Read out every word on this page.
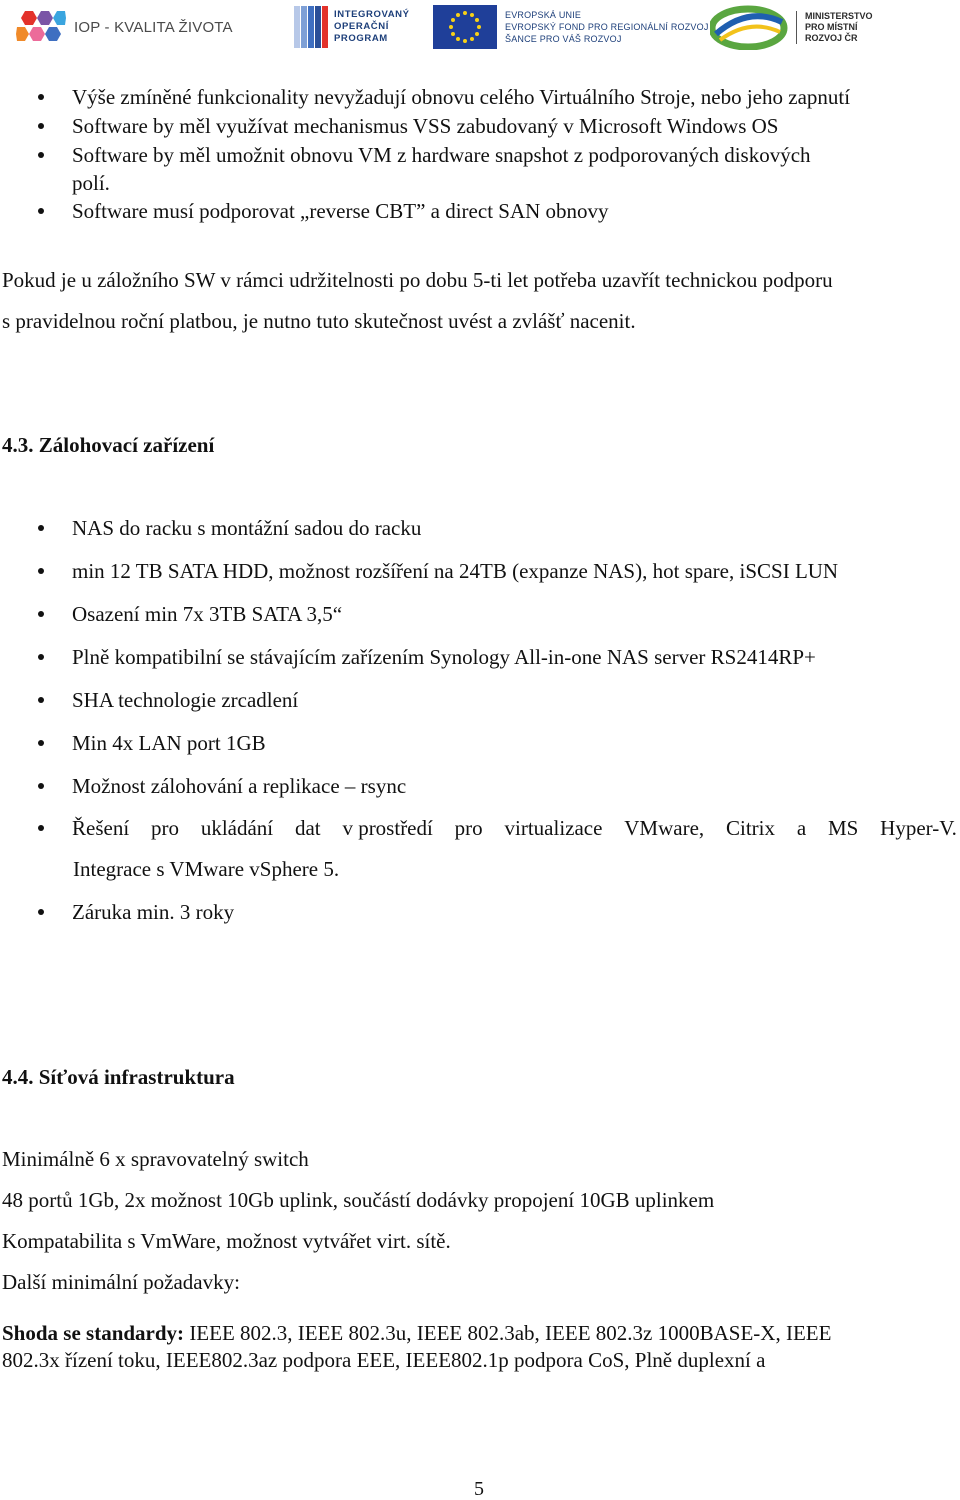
IOP - KVALITA ŽIVOTA
INTEGROVANÝ
OPERAČNÍ
PROGRAM
EVROPSKÁ UNIE
EVROPSKÝ FOND PRO REGIONÁLNÍ ROZVOJ
ŠANCE PRO VÁŠ ROZVOJ
MINISTERSTVO
PRO MÍSTNÍ
ROZVOJ ČR
Výše zmíněné funkcionality nevyžadují obnovu celého Virtuálního Stroje, nebo jeho zapnutí
Software by měl využívat mechanismus VSS zabudovaný v Microsoft Windows OS
Software by měl umožnit obnovu VM z hardware snapshot z podporovaných diskových
polí.
Software musí podporovat „reverse CBT” a direct SAN obnovy
Pokud je u záložního SW v rámci udržitelnosti po dobu 5-ti let potřeba uzavřít technickou podporu
s pravidelnou roční platbou, je nutno tuto skutečnost uvést a zvlášť nacenit.
4.3. Zálohovací zařízení
NAS do racku s montážní sadou do racku
min 12 TB SATA HDD, možnost rozšíření na 24TB (expanze NAS), hot spare, iSCSI LUN
Osazení min 7x 3TB SATA 3,5“
Plně kompatibilní se stávajícím zařízením Synology All-in-one NAS server RS2414RP+
SHA technologie zrcadlení
Min 4x LAN port 1GB
Možnost zálohování a replikace – rsync
Řešení pro ukládání dat v prostředí pro virtualizace VMware, Citrix a MS Hyper-V.
Integrace s VMware vSphere 5.
Záruka min. 3 roky
4.4. Síťová infrastruktura
Minimálně 6 x spravovatelný switch
48 portů 1Gb, 2x možnost 10Gb uplink, součástí dodávky propojení 10GB uplinkem
Kompatabilita s VmWare, možnost vytvářet virt. sítě.
Další minimální požadavky:
Shoda se standardy: IEEE 802.3, IEEE 802.3u, IEEE 802.3ab, IEEE 802.3z 1000BASE-X, IEEE
802.3x řízení toku, IEEE802.3az podpora EEE, IEEE802.1p podpora CoS, Plně duplexní a
5
